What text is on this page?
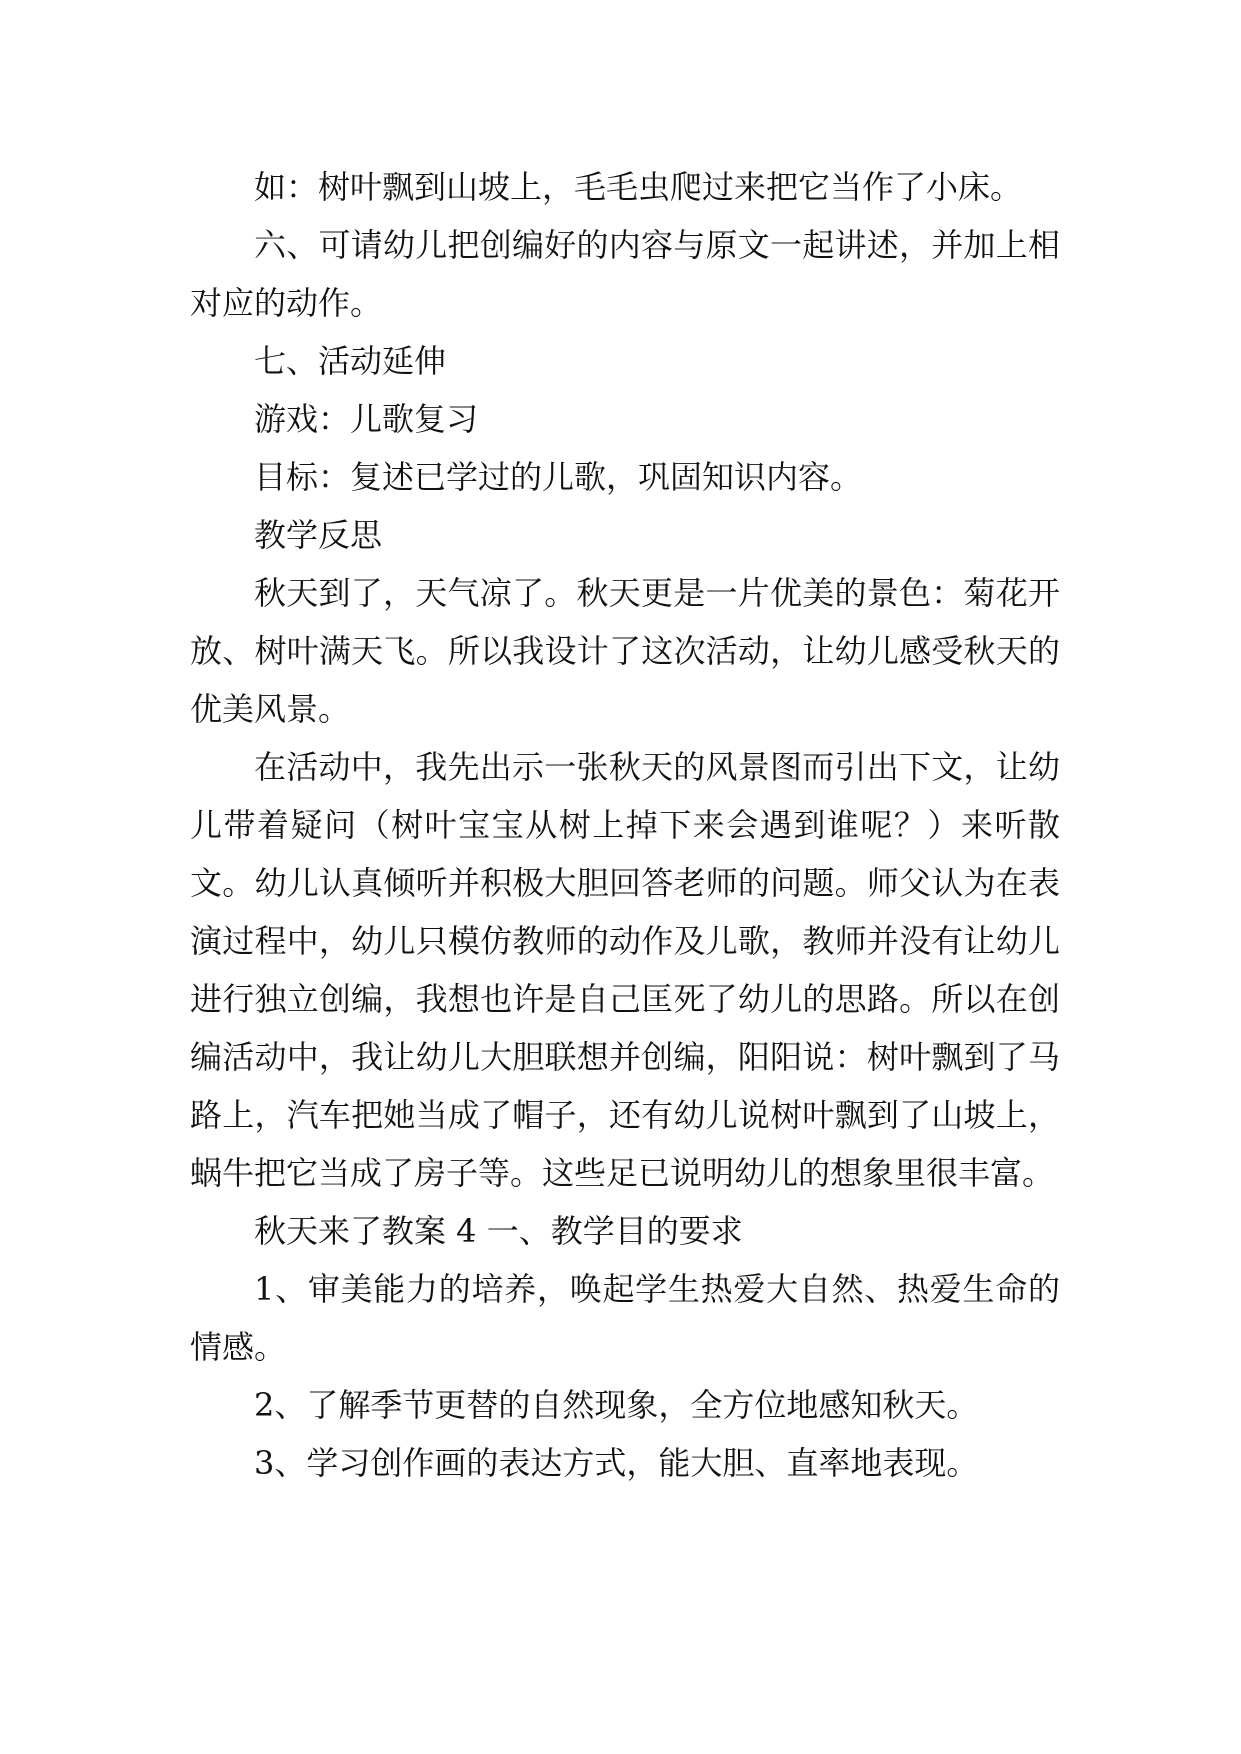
如：树叶飘到山坡上，毛毛虫爬过来把它当作了小床。

六、可请幼儿把创编好的内容与原文一起讲述，并加上相对应的动作。

七、活动延伸

游戏：儿歌复习

目标：复述已学过的儿歌，巩固知识内容。

教学反思

秋天到了，天气凉了。秋天更是一片优美的景色：菊花开放、树叶满天飞。所以我设计了这次活动，让幼儿感受秋天的优美风景。

在活动中，我先出示一张秋天的风景图而引出下文，让幼儿带着疑问（树叶宝宝从树上掉下来会遇到谁呢？）来听散文。幼儿认真倾听并积极大胆回答老师的问题。师父认为在表演过程中，幼儿只模仿教师的动作及儿歌，教师并没有让幼儿进行独立创编，我想也许是自己匡死了幼儿的思路。所以在创编活动中，我让幼儿大胆联想并创编，阳阳说：树叶飘到了马路上，汽车把她当成了帽子，还有幼儿说树叶飘到了山坡上，蜗牛把它当成了房子等。这些足已说明幼儿的想象里很丰富。

秋天来了教案 4 一、教学目的要求

1、审美能力的培养，唤起学生热爱大自然、热爱生命的情感。

2、了解季节更替的自然现象，全方位地感知秋天。

3、学习创作画的表达方式，能大胆、直率地表现。
